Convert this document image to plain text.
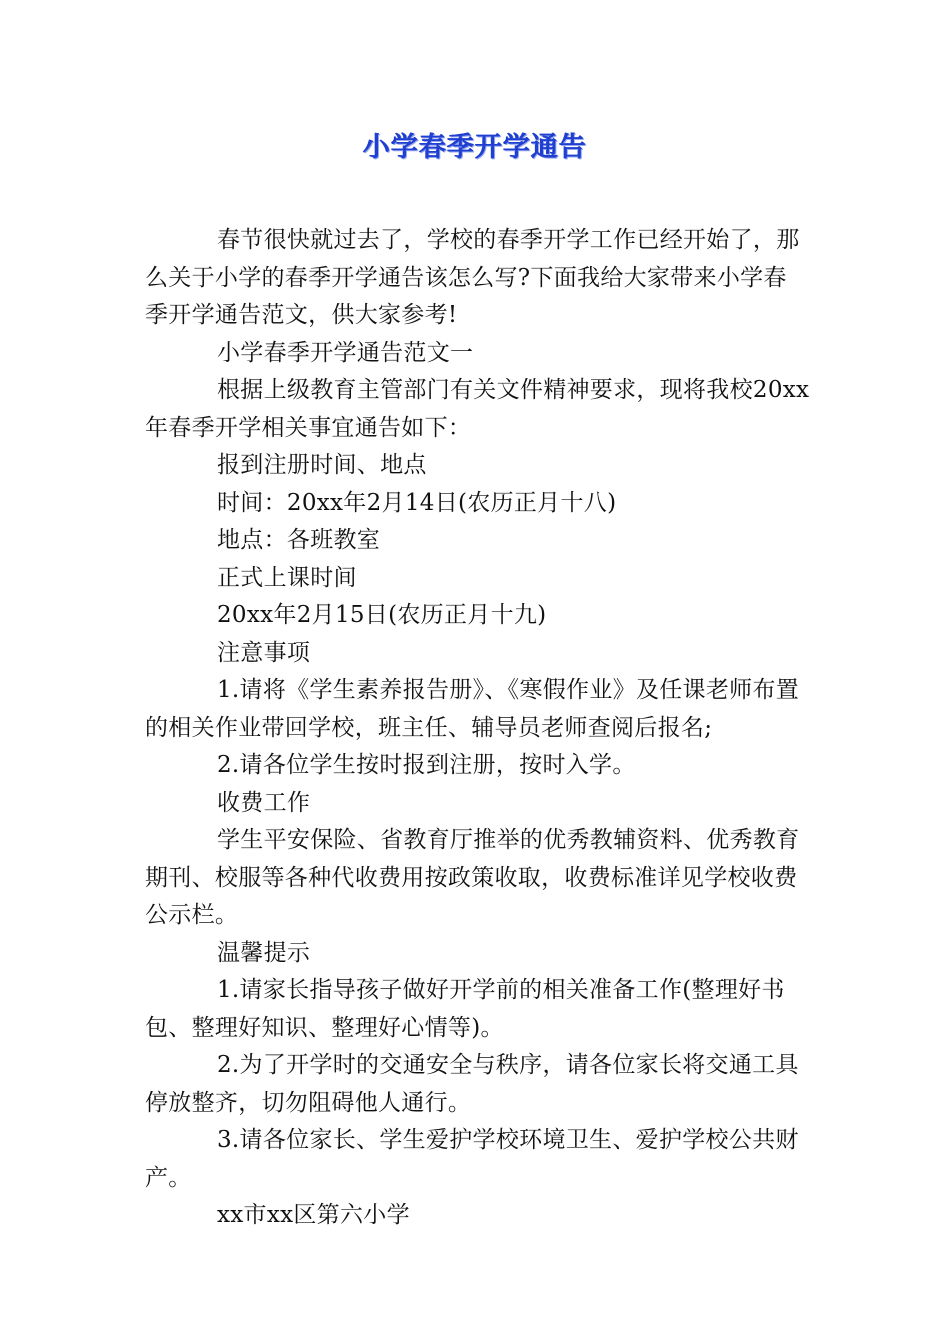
小学春季开学通告

春节很快就过去了，学校的春季开学工作已经开始了，那么关于小学的春季开学通告该怎么写?下面我给大家带来小学春季开学通告范文，供大家参考!

小学春季开学通告范文一

根据上级教育主管部门有关文件精神要求，现将我校20xx年春季开学相关事宜通告如下：

报到注册时间、地点

时间：20xx年2月14日(农历正月十八)

地点：各班教室

正式上课时间

20xx年2月15日(农历正月十九)

注意事项

1.请将《学生素养报告册》、《寒假作业》及任课老师布置的相关作业带回学校，班主任、辅导员老师查阅后报名;

2.请各位学生按时报到注册，按时入学。

收费工作

学生平安保险、省教育厅推举的优秀教辅资料、优秀教育期刊、校服等各种代收费用按政策收取，收费标准详见学校收费公示栏。

温馨提示

1.请家长指导孩子做好开学前的相关准备工作(整理好书包、整理好知识、整理好心情等)。

2.为了开学时的交通安全与秩序，请各位家长将交通工具停放整齐，切勿阻碍他人通行。

3.请各位家长、学生爱护学校环境卫生、爱护学校公共财产。

xx市xx区第六小学
